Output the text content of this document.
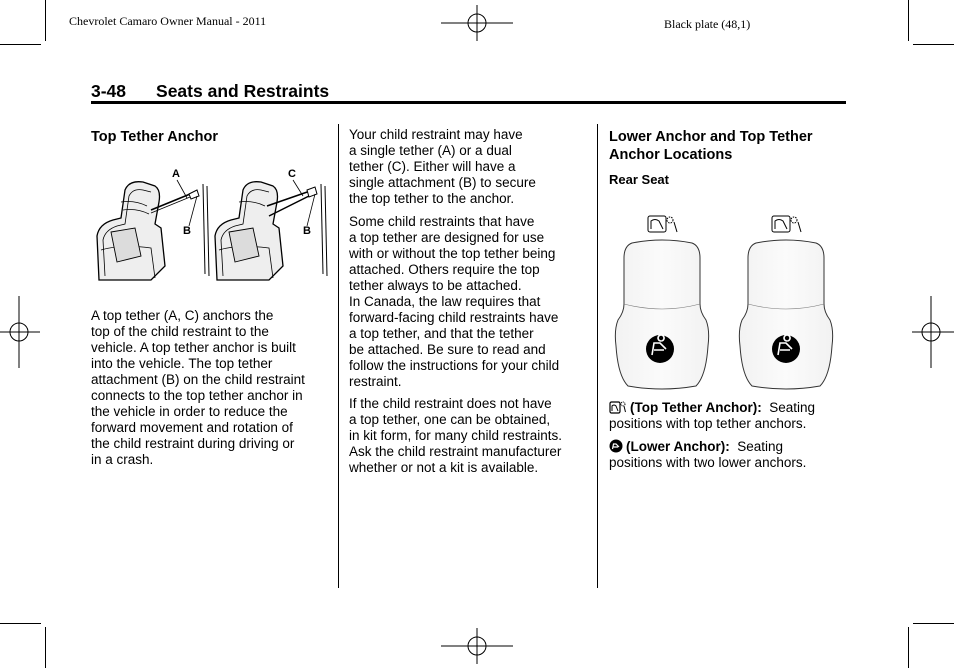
Chevrolet Camaro Owner Manual - 2011	Black plate (48,1)
3-48 Seats and Restraints
Top Tether Anchor
A
B
C
B

A top tether (A, C) anchors the

top of the child restraint to the

vehicle. A top tether anchor is built

into the vehicle. The top tether

attachment (B) on the child restraint

connects to the top tether anchor in

the vehicle in order to reduce the

forward movement and rotation of

the child restraint during driving or

in a crash.

Your child restraint may have

a single tether (A) or a dual

tether (C). Either will have a

single attachment (B) to secure

the top tether to the anchor.

Some child restraints that have

a top tether are designed for use

with or without the top tether being

attached. Others require the top

tether always to be attached.

In Canada, the law requires that

forward-facing child restraints have

a top tether, and that the tether

be attached. Be sure to read and

follow the instructions for your child

restraint.

If the child restraint does not have

a top tether, one can be obtained,

in kit form, for many child restraints.

Ask the child restraint manufacturer

whether or not a kit is available.

Lower Anchor and Top Tether
Anchor Locations
Rear Seat

(Top Tether Anchor): Seating

positions with top tether anchors.

(Lower Anchor): Seating

positions with two lower anchors.
